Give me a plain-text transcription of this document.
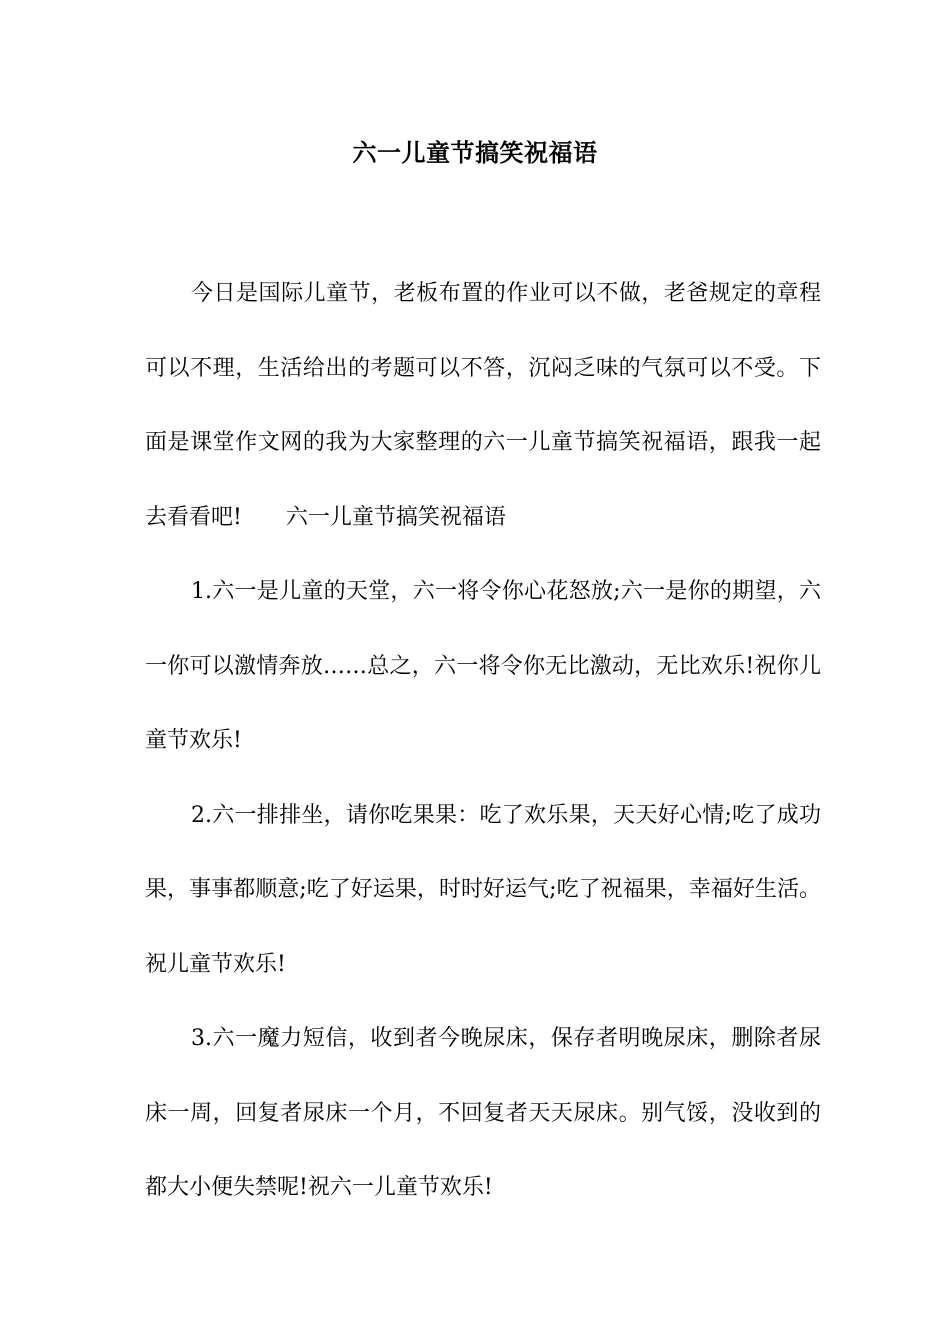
六一儿童节搞笑祝福语

今日是国际儿童节，老板布置的作业可以不做，老爸规定的章程可以不理，生活给出的考题可以不答，沉闷乏味的气氛可以不受。下面是课堂作文网的我为大家整理的六一儿童节搞笑祝福语，跟我一起去看看吧!　　六一儿童节搞笑祝福语

1.六一是儿童的天堂，六一将令你心花怒放;六一是你的期望，六一你可以激情奔放……总之，六一将令你无比激动，无比欢乐!祝你儿童节欢乐!

2.六一排排坐，请你吃果果：吃了欢乐果，天天好心情;吃了成功果，事事都顺意;吃了好运果，时时好运气;吃了祝福果，幸福好生活。祝儿童节欢乐!

3.六一魔力短信，收到者今晚尿床，保存者明晚尿床，删除者尿床一周，回复者尿床一个月，不回复者天天尿床。别气馁，没收到的都大小便失禁呢!祝六一儿童节欢乐!
